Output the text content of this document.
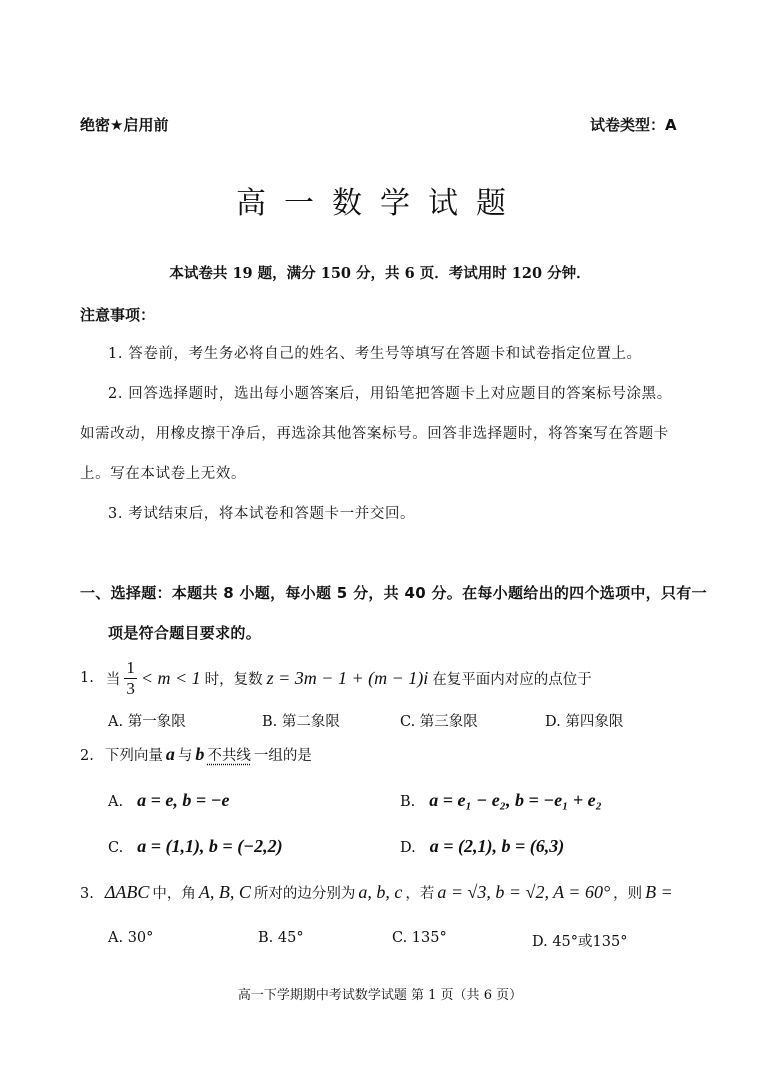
绝密★启用前	试卷类型：A
高一数学试题
本试卷共 19 题，满分 150 分，共 6 页．考试用时 120 分钟．
注意事项：
1. 答卷前，考生务必将自己的姓名、考生号等填写在答题卡和试卷指定位置上。
2. 回答选择题时，选出每小题答案后，用铅笔把答题卡上对应题目的答案标号涂黑。
如需改动，用橡皮擦干净后，再选涂其他答案标号。回答非选择题时，将答案写在答题卡
上。写在本试卷上无效。
3. 考试结束后，将本试卷和答题卡一并交回。
一、选择题：本题共 8 小题，每小题 5 分，共 40 分。在每小题给出的四个选项中，只有一
项是符合题目要求的。
1. 当 $\frac{1}{3} < m < 1$ 时，复数 z = 3m − 1 + (m − 1)i 在复平面内对应的点位于
A. 第一象限	B. 第二象限	C. 第三象限	D. 第四象限
2. 下列向量 a 与 b 不共线 一组的是
A. a = e, b = −e	B. a = e₁ − e₂, b = −e₁ + e₂
C. a = (1,1), b = (−2,2)	D. a = (2,1), b = (6,3)
3. ΔABC 中，角 A, B, C 所对的边分别为 a, b, c ，若 a = √3, b = √2, A = 60° ，则 B =
A. 30°	B. 45°	C. 135°	D. 45°或135°
高一下学期期中考试数学试题 第 1 页（共 6 页）
